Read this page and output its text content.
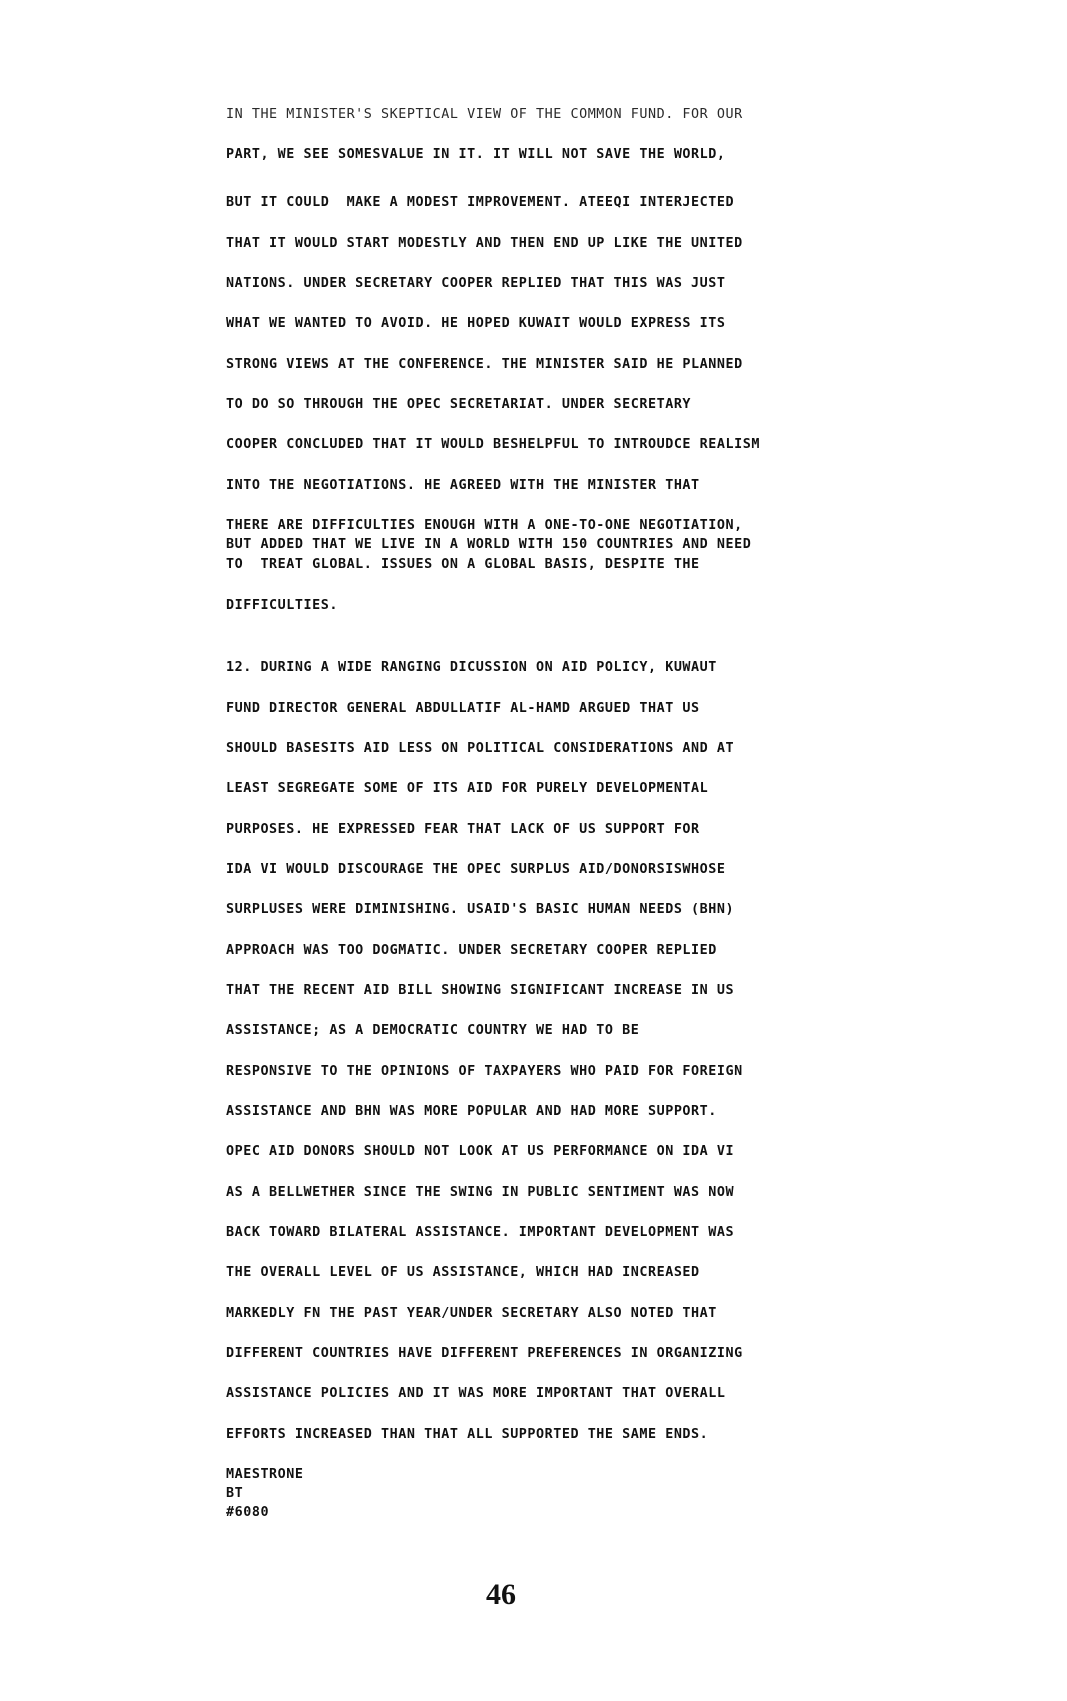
IN THE MINISTER'S SKEPTICAL VIEW OF THE COMMON FUND. FOR OUR
PART, WE SEE SOMESVALUE IN IT. IT WILL NOT SAVE THE WORLD,
BUT IT COULD  MAKE A MODEST IMPROVEMENT. ATEEQI INTERJECTED
THAT IT WOULD START MODESTLY AND THEN END UP LIKE THE UNITED
NATIONS. UNDER SECRETARY COOPER REPLIED THAT THIS WAS JUST
WHAT WE WANTED TO AVOID. HE HOPED KUWAIT WOULD EXPRESS ITS
STRONG VIEWS AT THE CONFERENCE. THE MINISTER SAID HE PLANNED
TO DO SO THROUGH THE OPEC SECRETARIAT. UNDER SECRETARY
COOPER CONCLUDED THAT IT WOULD BESHELPFUL TO INTROUDCE REALISM
INTO THE NEGOTIATIONS. HE AGREED WITH THE MINISTER THAT
THERE ARE DIFFICULTIES ENOUGH WITH A ONE-TO-ONE NEGOTIATION,
BUT ADDED THAT WE LIVE IN A WORLD WITH 150 COUNTRIES AND NEED
TO  TREAT GLOBAL. ISSUES ON A GLOBAL BASIS, DESPITE THE
DIFFICULTIES.
12. DURING A WIDE RANGING DICUSSION ON AID POLICY, KUWAUT
FUND DIRECTOR GENERAL ABDULLATIF AL-HAMD ARGUED THAT US
SHOULD BASESITS AID LESS ON POLITICAL CONSIDERATIONS AND AT
LEAST SEGREGATE SOME OF ITS AID FOR PURELY DEVELOPMENTAL
PURPOSES. HE EXPRESSED FEAR THAT LACK OF US SUPPORT FOR
IDA VI WOULD DISCOURAGE THE OPEC SURPLUS AID/DONORSISWHOSE
SURPLUSES WERE DIMINISHING. USAID'S BASIC HUMAN NEEDS (BHN)
APPROACH WAS TOO DOGMATIC. UNDER SECRETARY COOPER REPLIED
THAT THE RECENT AID BILL SHOWING SIGNIFICANT INCREASE IN US
ASSISTANCE; AS A DEMOCRATIC COUNTRY WE HAD TO BE
RESPONSIVE TO THE OPINIONS OF TAXPAYERS WHO PAID FOR FOREIGN
ASSISTANCE AND BHN WAS MORE POPULAR AND HAD MORE SUPPORT.
OPEC AID DONORS SHOULD NOT LOOK AT US PERFORMANCE ON IDA VI
AS A BELLWETHER SINCE THE SWING IN PUBLIC SENTIMENT WAS NOW
BACK TOWARD BILATERAL ASSISTANCE. IMPORTANT DEVELOPMENT WAS
THE OVERALL LEVEL OF US ASSISTANCE, WHICH HAD INCREASED
MARKEDLY FN THE PAST YEAR/UNDER SECRETARY ALSO NOTED THAT
DIFFERENT COUNTRIES HAVE DIFFERENT PREFERENCES IN ORGANIZING
ASSISTANCE POLICIES AND IT WAS MORE IMPORTANT THAT OVERALL
EFFORTS INCREASED THAN THAT ALL SUPPORTED THE SAME ENDS.
MAESTRONE
BT
#6080
46
